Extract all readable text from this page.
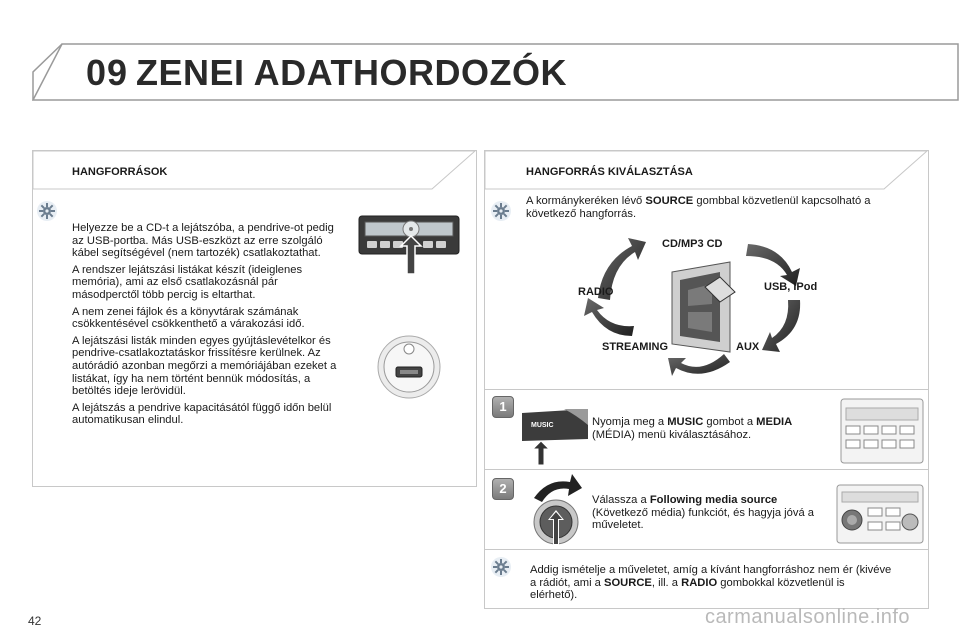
09 ZENEI ADATHORDOZÓK
HANGFORRÁSOK

Helyezze be a CD-t a lejátszóba, a pendrive-ot pedig az USB-portba. Más USB-eszközt az erre szolgáló kábel segítségével (nem tartozék) csatlakoztathat.

A rendszer lejátszási listákat készít (ideiglenes memória), ami az első csatlakozásnál pár másodperctől több percig is eltarthat.

A nem zenei fájlok és a könyvtárak számának csökkentésével csökkenthető a várakozási idő.

A lejátszási listák minden egyes gyújtáslevételkor és pendrive-csatlakoztatáskor frissítésre kerülnek. Az autórádió azonban megőrzi a memóriájában ezeket a listákat, így ha nem történt bennük módosítás, a betöltés ideje lerövidül.

A lejátszás a pendrive kapacitásától függő időn belül automatikusan elindul.

HANGFORRÁS KIVÁLASZTÁSA
A kormánykeréken lévő SOURCE gombbal közvetlenül kapcsolható a következő hangforrás.
CD/MP3 CD
USB, IPod
AUX
STREAMING
RADIO
1
MUSIC	Nyomja meg a MUSIC gombot a MEDIA (MÉDIA) menü kiválasztásához.
2
Válassza a Following media source (Következő média) funkciót, és hagyja jóvá a műveletet.
Addig ismételje a műveletet, amíg a kívánt hangforráshoz nem ér (kivéve a rádiót, ami a SOURCE, ill. a RADIO gombokkal közvetlenül is elérhető).
42	carmanualsonline.info
